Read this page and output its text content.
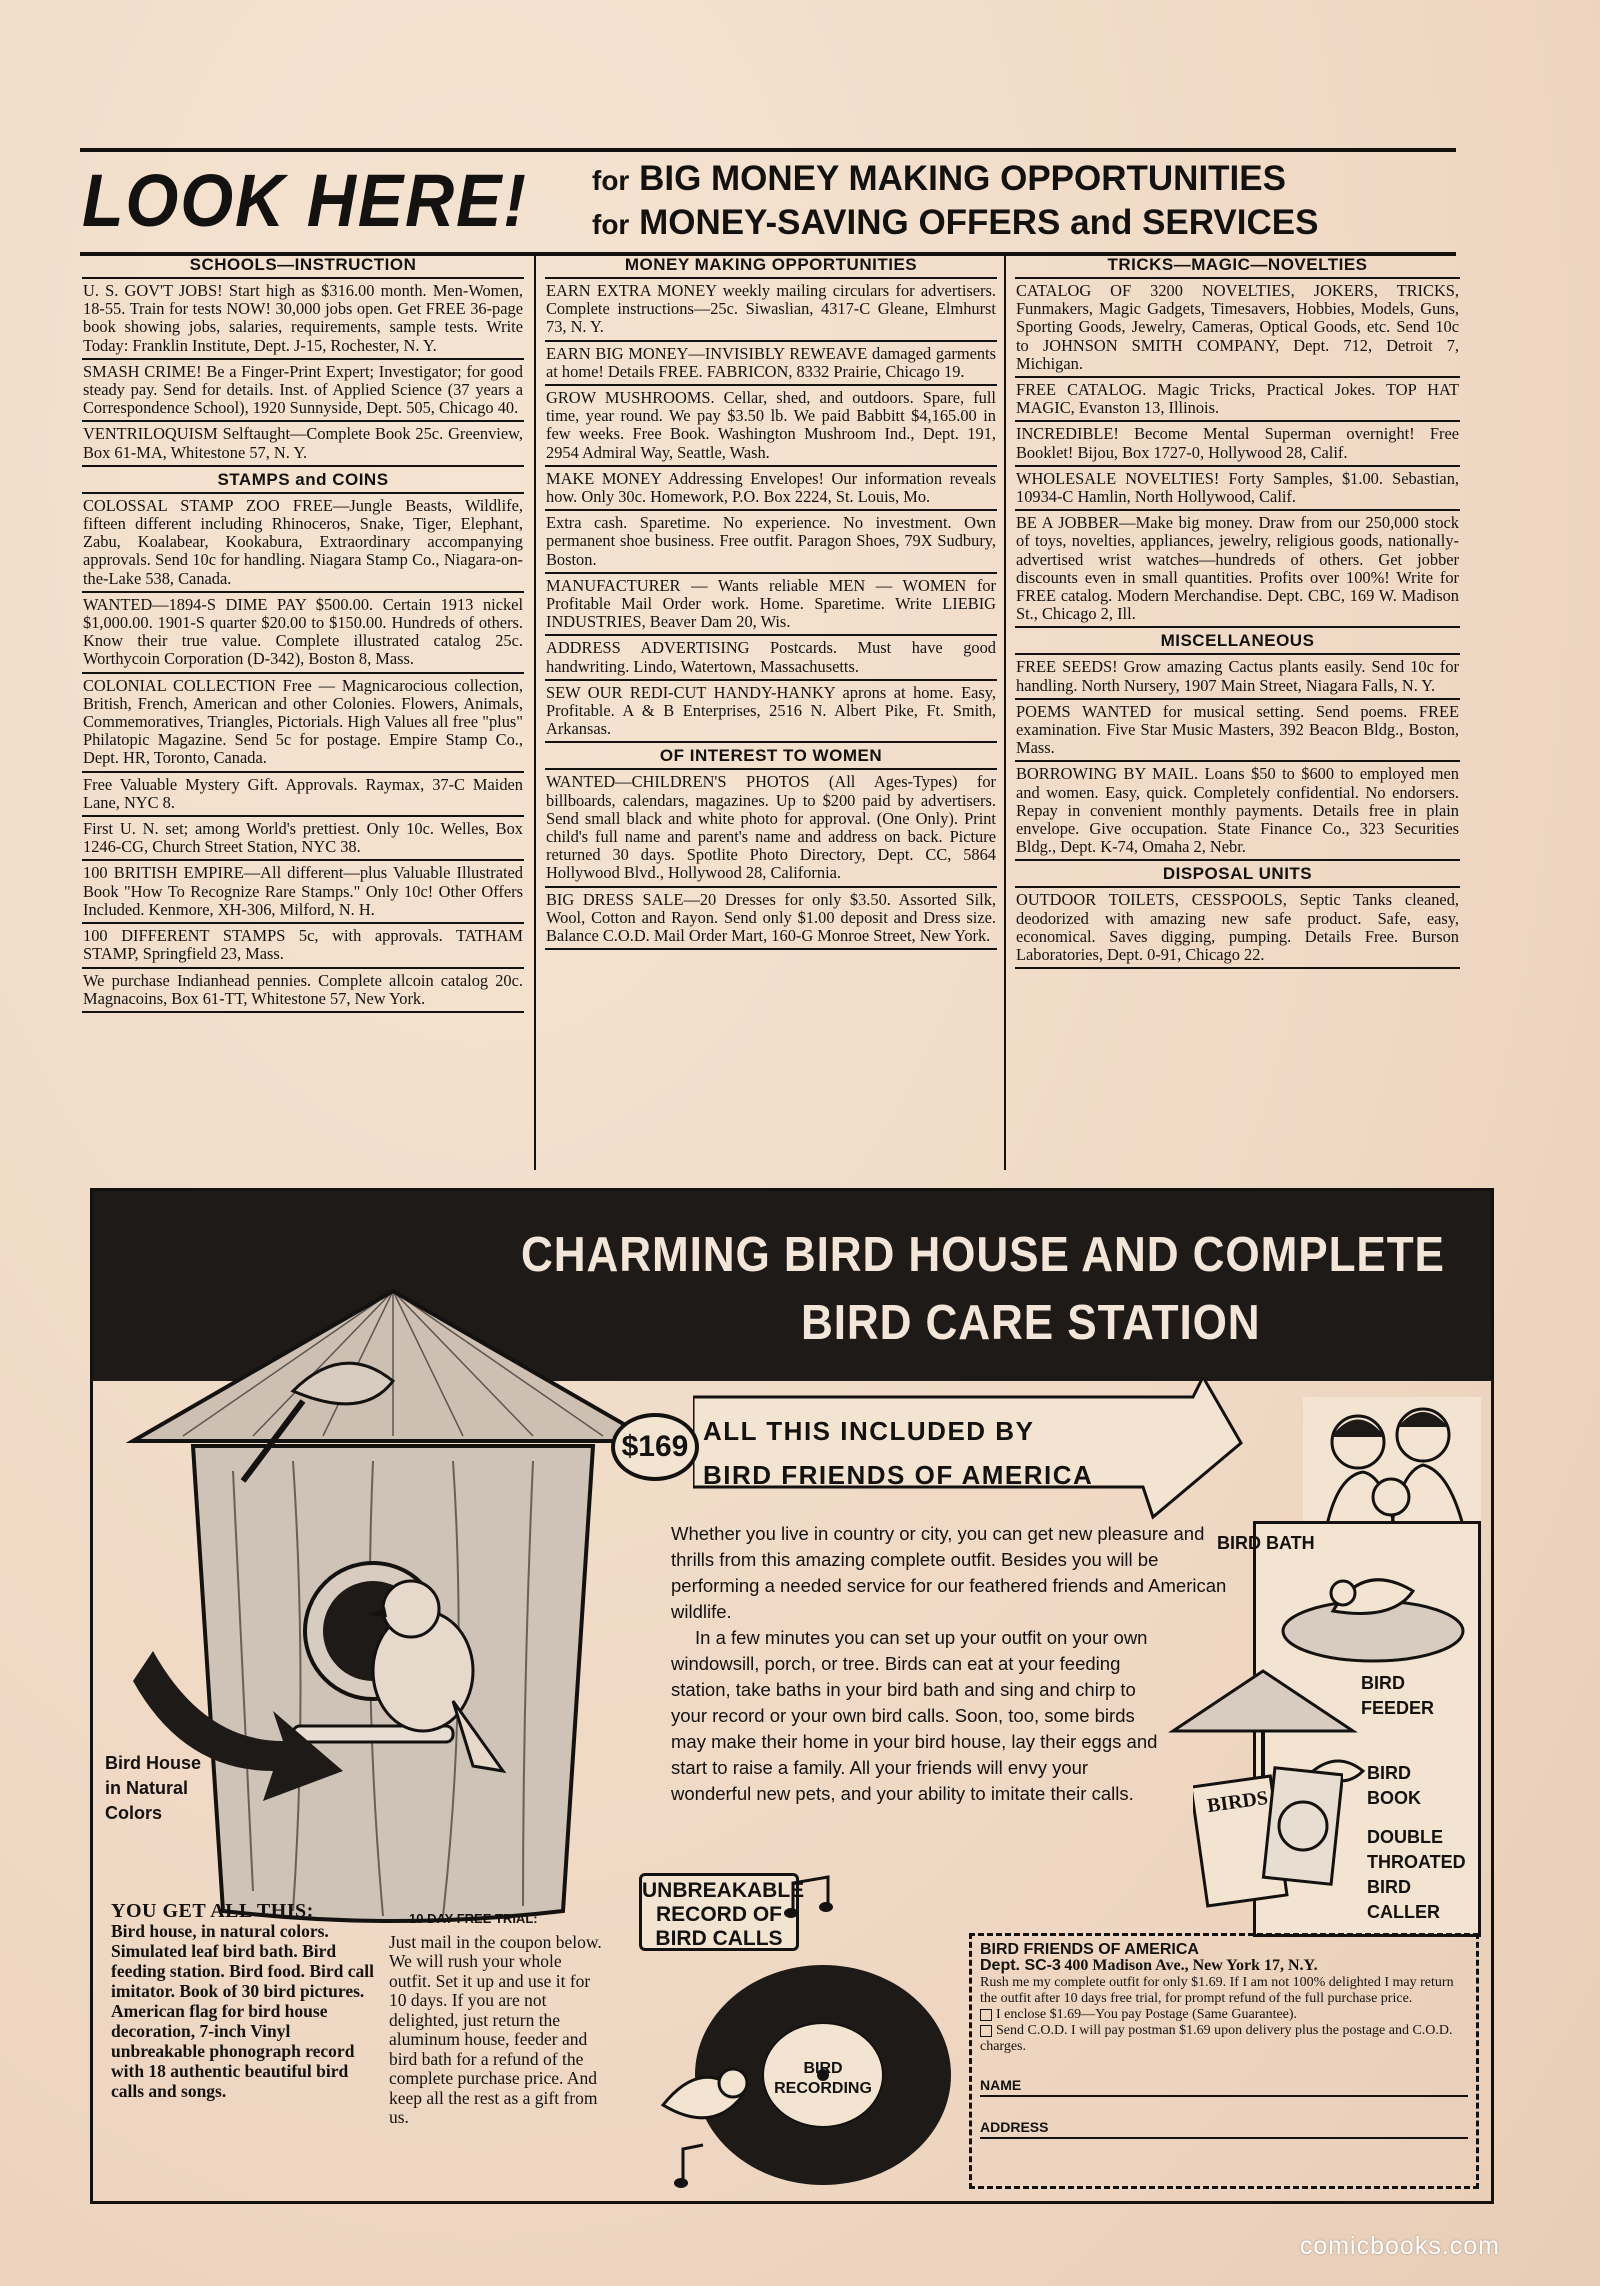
LOOK HERE! for BIG MONEY MAKING OPPORTUNITIES
for MONEY-SAVING OFFERS and SERVICES
SCHOOLS—INSTRUCTION
U. S. GOV'T JOBS! Start high as $316.00 month. Men-Women, 18-55. Train for tests NOW! 30,000 jobs open. Get FREE 36-page book showing jobs, salaries, requirements, sample tests. Write Today: Franklin Institute, Dept. J-15, Rochester, N. Y.
SMASH CRIME! Be a Finger-Print Expert; Investigator; for good steady pay. Send for details. Inst. of Applied Science (37 years a Correspondence School), 1920 Sunnyside, Dept. 505, Chicago 40.
VENTRILOQUISM Selftaught—Complete Book 25c. Greenview, Box 61-MA, Whitestone 57, N. Y.
STAMPS and COINS
COLOSSAL STAMP ZOO FREE—Jungle Beasts, Wildlife, fifteen different including Rhinoceros, Snake, Tiger, Elephant, Zabu, Koalabear, Kookabura, Extraordinary accompanying approvals. Send 10c for handling. Niagara Stamp Co., Niagara-on-the-Lake 538, Canada.
WANTED—1894-S DIME PAY $500.00. Certain 1913 nickel $1,000.00. 1901-S quarter $20.00 to $150.00. Hundreds of others. Know their true value. Complete illustrated catalog 25c. Worthycoin Corporation (D-342), Boston 8, Mass.
COLONIAL COLLECTION Free — Magnicarocious collection, British, French, American and other Colonies. Flowers, Animals, Commemoratives, Triangles, Pictorials. High Values all free "plus" Philatopic Magazine. Send 5c for postage. Empire Stamp Co., Dept. HR, Toronto, Canada.
Free Valuable Mystery Gift. Approvals. Raymax, 37-C Maiden Lane, NYC 8.
First U. N. set; among World's prettiest. Only 10c. Welles, Box 1246-CG, Church Street Station, NYC 38.
100 BRITISH EMPIRE—All different—plus Valuable Illustrated Book "How To Recognize Rare Stamps." Only 10c! Other Offers Included. Kenmore, XH-306, Milford, N. H.
100 DIFFERENT STAMPS 5c, with approvals. TATHAM STAMP, Springfield 23, Mass.
We purchase Indianhead pennies. Complete allcoin catalog 20c. Magnacoins, Box 61-TT, Whitestone 57, New York.
MONEY MAKING OPPORTUNITIES
EARN EXTRA MONEY weekly mailing circulars for advertisers. Complete instructions—25c. Siwaslian, 4317-C Gleane, Elmhurst 73, N. Y.
EARN BIG MONEY—INVISIBLY REWEAVE damaged garments at home! Details FREE. FABRICON, 8332 Prairie, Chicago 19.
GROW MUSHROOMS. Cellar, shed, and outdoors. Spare, full time, year round. We pay $3.50 lb. We paid Babbitt $4,165.00 in few weeks. Free Book. Washington Mushroom Ind., Dept. 191, 2954 Admiral Way, Seattle, Wash.
MAKE MONEY Addressing Envelopes! Our information reveals how. Only 30c. Homework, P.O. Box 2224, St. Louis, Mo.
Extra cash. Sparetime. No experience. No investment. Own permanent shoe business. Free outfit. Paragon Shoes, 79X Sudbury, Boston.
MANUFACTURER — Wants reliable MEN — WOMEN for Profitable Mail Order work. Home. Sparetime. Write LIEBIG INDUSTRIES, Beaver Dam 20, Wis.
ADDRESS ADVERTISING Postcards. Must have good handwriting. Lindo, Watertown, Massachusetts.
SEW OUR REDI-CUT HANDY-HANKY aprons at home. Easy, Profitable. A & B Enterprises, 2516 N. Albert Pike, Ft. Smith, Arkansas.
OF INTEREST TO WOMEN
WANTED—CHILDREN'S PHOTOS (All Ages-Types) for billboards, calendars, magazines. Up to $200 paid by advertisers. Send small black and white photo for approval. (One Only). Print child's full name and parent's name and address on back. Picture returned 30 days. Spotlite Photo Directory, Dept. CC, 5864 Hollywood Blvd., Hollywood 28, California.
BIG DRESS SALE—20 Dresses for only $3.50. Assorted Silk, Wool, Cotton and Rayon. Send only $1.00 deposit and Dress size. Balance C.O.D. Mail Order Mart, 160-G Monroe Street, New York.
TRICKS—MAGIC—NOVELTIES
CATALOG OF 3200 NOVELTIES, JOKERS, TRICKS, Funmakers, Magic Gadgets, Timesavers, Hobbies, Models, Guns, Sporting Goods, Jewelry, Cameras, Optical Goods, etc. Send 10c to JOHNSON SMITH COMPANY, Dept. 712, Detroit 7, Michigan.
FREE CATALOG. Magic Tricks, Practical Jokes. TOP HAT MAGIC, Evanston 13, Illinois.
INCREDIBLE! Become Mental Superman overnight! Free Booklet! Bijou, Box 1727-0, Hollywood 28, Calif.
WHOLESALE NOVELTIES! Forty Samples, $1.00. Sebastian, 10934-C Hamlin, North Hollywood, Calif.
BE A JOBBER—Make big money. Draw from our 250,000 stock of toys, novelties, appliances, jewelry, religious goods, nationally-advertised wrist watches—hundreds of others. Get jobber discounts even in small quantities. Profits over 100%! Write for FREE catalog. Modern Merchandise. Dept. CBC, 169 W. Madison St., Chicago 2, Ill.
MISCELLANEOUS
FREE SEEDS! Grow amazing Cactus plants easily. Send 10c for handling. North Nursery, 1907 Main Street, Niagara Falls, N. Y.
POEMS WANTED for musical setting. Send poems. FREE examination. Five Star Music Masters, 392 Beacon Bldg., Boston, Mass.
BORROWING BY MAIL. Loans $50 to $600 to employed men and women. Easy, quick. Completely confidential. No endorsers. Repay in convenient monthly payments. Details free in plain envelope. Give occupation. State Finance Co., 323 Securities Bldg., Dept. K-74, Omaha 2, Nebr.
DISPOSAL UNITS
OUTDOOR TOILETS, CESSPOOLS, Septic Tanks cleaned, deodorized with amazing new safe product. Safe, easy, economical. Saves digging, pumping. Details Free. Burson Laboratories, Dept. 0-91, Chicago 22.
CHARMING BIRD HOUSE AND COMPLETE
BIRD CARE STATION
Bird House in Natural Colors
$169 ALL THIS INCLUDED BY
BIRD FRIENDS OF AMERICA
BIRD BATH
BIRD FEEDER
BIRDS
BIRD BOOK
DOUBLE THROATED BIRD CALLER
Whether you live in country or city, you can get new pleasure and thrills from this amazing complete outfit. Besides you will be performing a needed service for our feathered friends and American wildlife.
In a few minutes you can set up your outfit on your own windowsill, porch, or tree. Birds can eat at your feeding station, take baths in your bird bath and sing and chirp to your record or your own bird calls. Soon, too, some birds may make their home in your bird house, lay their eggs and start to raise a family. All your friends will envy your wonderful new pets, and your ability to imitate their calls.
UNBREAKABLE RECORD OF BIRD CALLS
BIRD RECORDING
YOU GET ALL THIS:
Bird house, in natural colors. Simulated leaf bird bath. Bird feeding station. Bird food. Bird call imitator. Book of 30 bird pictures. American flag for bird house decoration, 7-inch Vinyl unbreakable phonograph record with 18 authentic beautiful bird calls and songs.
10 DAY FREE TRIAL:
Just mail in the coupon below. We will rush your whole outfit. Set it up and use it for 10 days. If you are not delighted, just return the aluminum house, feeder and bird bath for a refund of the complete purchase price. And keep all the rest as a gift from us.
BIRD FRIENDS OF AMERICA
Dept. SC-3 400 Madison Ave., New York 17, N.Y.
Rush me my complete outfit for only $1.69. If I am not 100% delighted I may return the outfit after 10 days free trial, for prompt refund of the full purchase price.
I enclose $1.69—You pay Postage (Same Guarantee).
Send C.O.D. I will pay postman $1.69 upon delivery plus the postage and C.O.D. charges.
NAME
ADDRESS
comicbooks.com
